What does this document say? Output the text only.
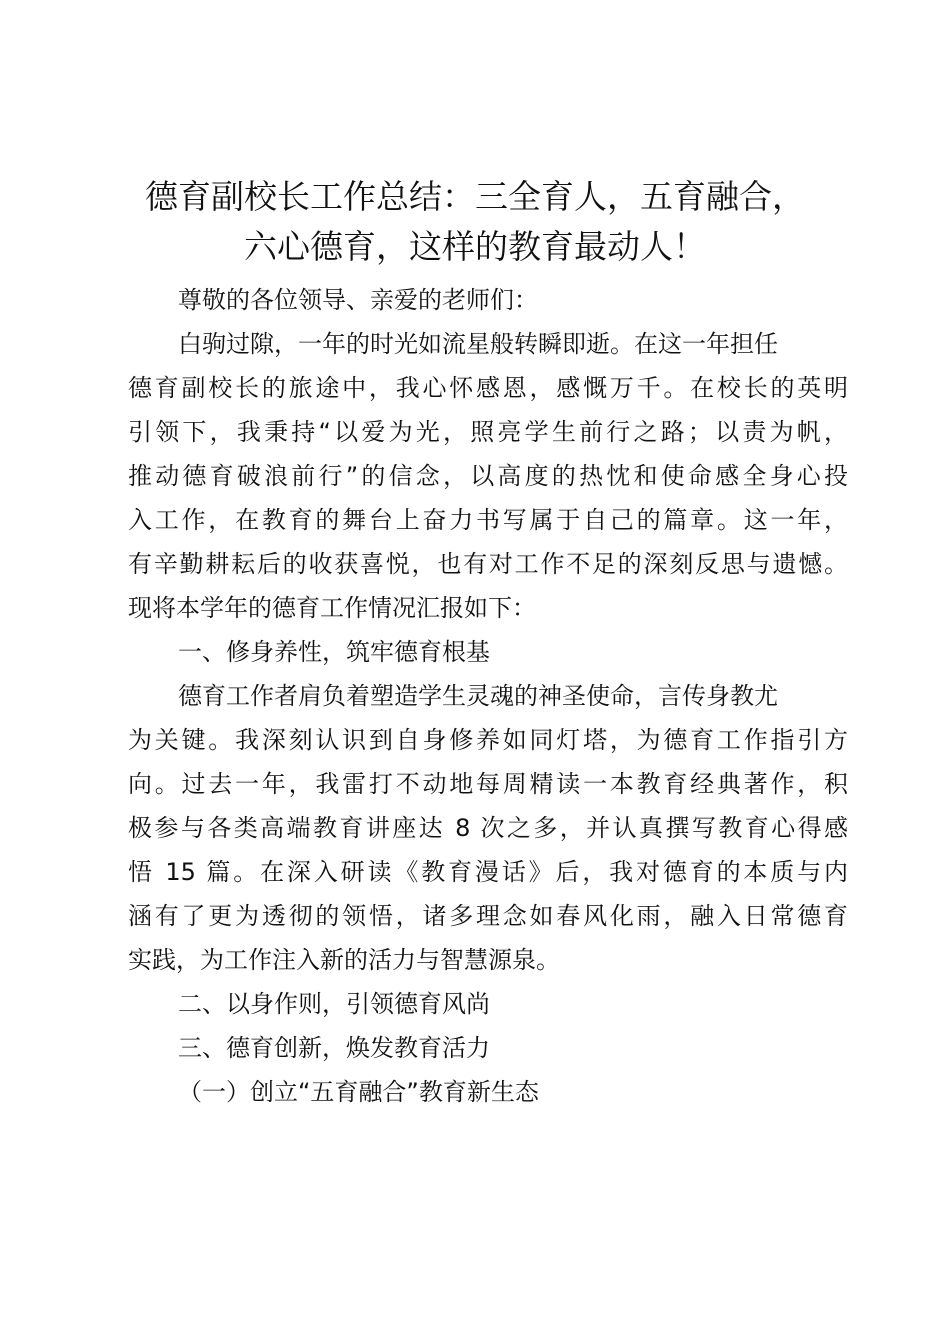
德育副校长工作总结：三全育人，五育融合，
六心德育，这样的教育最动人！
尊敬的各位领导、亲爱的老师们：
白驹过隙，一年的时光如流星般转瞬即逝。在这一年担任
德育副校长的旅途中，我心怀感恩，感慨万千。在校长的英明
引领下，我秉持“以爱为光，照亮学生前行之路；以责为帆，
推动德育破浪前行”的信念，以高度的热忱和使命感全身心投
入工作，在教育的舞台上奋力书写属于自己的篇章。这一年，
有辛勤耕耘后的收获喜悦，也有对工作不足的深刻反思与遗憾。
现将本学年的德育工作情况汇报如下：
一、修身养性，筑牢德育根基
德育工作者肩负着塑造学生灵魂的神圣使命，言传身教尤
为关键。我深刻认识到自身修养如同灯塔，为德育工作指引方
向。过去一年，我雷打不动地每周精读一本教育经典著作，积
极参与各类高端教育讲座达 8 次之多，并认真撰写教育心得感
悟 15 篇。在深入研读《教育漫话》后，我对德育的本质与内
涵有了更为透彻的领悟，诸多理念如春风化雨，融入日常德育
实践，为工作注入新的活力与智慧源泉。
二、以身作则，引领德育风尚
三、德育创新，焕发教育活力
（一）创立“五育融合”教育新生态
